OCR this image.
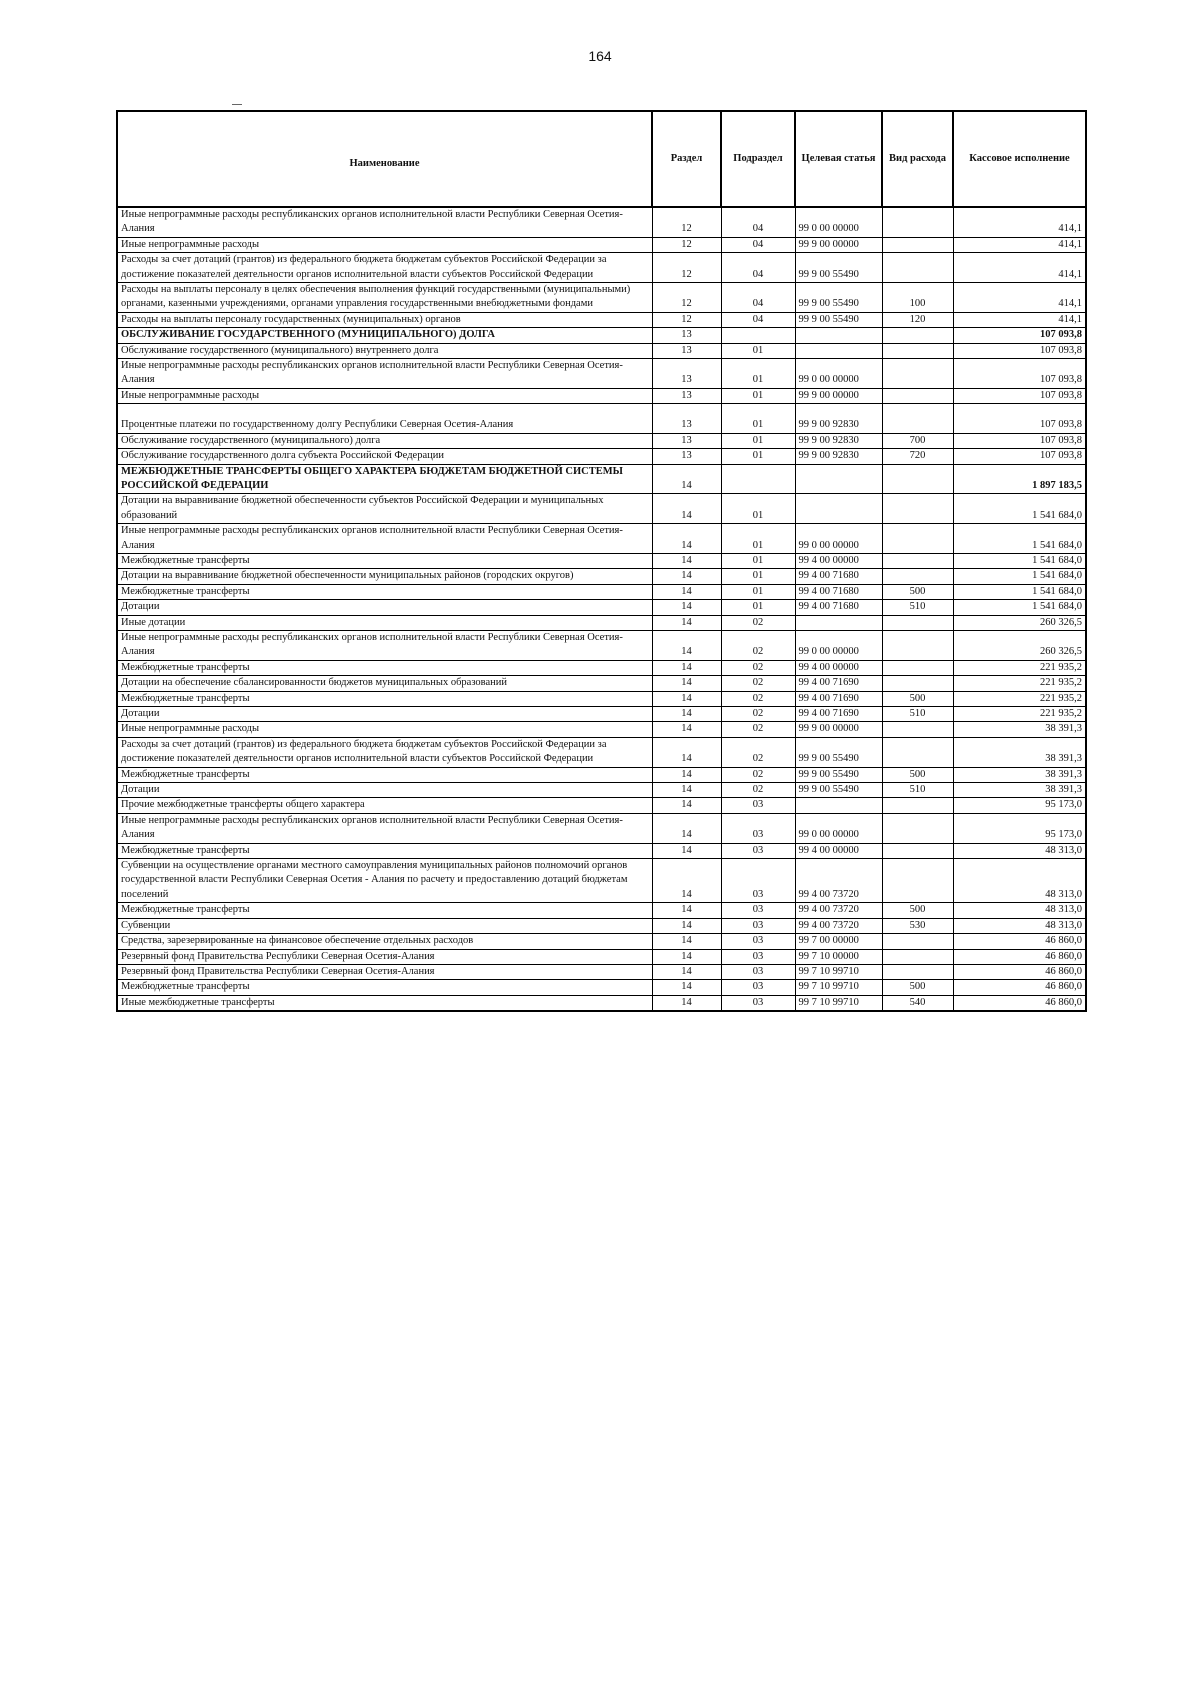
164
Наименование	Раздел	Подраздел	Целевая статья	Вид расхода	Кассовое исполнение
Иные непрограммные расходы республиканских органов исполнительной власти Республики Северная Осетия-Алания	12	04	99 0 00 00000		414,1
Иные непрограммные расходы	12	04	99 9 00 00000		414,1
Расходы за счет дотаций (грантов) из федерального бюджета бюджетам субъектов Российской Федерации за достижение показателей деятельности органов исполнительной власти субъектов Российской Федерации	12	04	99 9 00 55490		414,1
Расходы на выплаты персоналу в целях обеспечения выполнения функций государственными (муниципальными) органами, казенными учреждениями, органами управления государственными внебюджетными фондами	12	04	99 9 00 55490	100	414,1
Расходы на выплаты персоналу государственных (муниципальных) органов	12	04	99 9 00 55490	120	414,1
ОБСЛУЖИВАНИЕ ГОСУДАРСТВЕННОГО (МУНИЦИПАЛЬНОГО) ДОЛГА	13				107 093,8
Обслуживание государственного (муниципального) внутреннего долга	13	01			107 093,8
Иные непрограммные расходы республиканских органов исполнительной власти Республики Северная Осетия-Алания	13	01	99 0 00 00000		107 093,8
Иные непрограммные расходы	13	01	99 9 00 00000		107 093,8
Процентные платежи по государственному долгу Республики Северная Осетия-Алания	13	01	99 9 00 92830		107 093,8
Обслуживание государственного (муниципального) долга	13	01	99 9 00 92830	700	107 093,8
Обслуживание государственного долга субъекта Российской Федерации	13	01	99 9 00 92830	720	107 093,8
МЕЖБЮДЖЕТНЫЕ ТРАНСФЕРТЫ ОБЩЕГО ХАРАКТЕРА БЮДЖЕТАМ БЮДЖЕТНОЙ СИСТЕМЫ РОССИЙСКОЙ ФЕДЕРАЦИИ	14				1 897 183,5
Дотации на выравнивание бюджетной обеспеченности субъектов Российской Федерации и муниципальных образований	14	01			1 541 684,0
Иные непрограммные расходы республиканских органов исполнительной власти Республики Северная Осетия-Алания	14	01	99 0 00 00000		1 541 684,0
Межбюджетные трансферты	14	01	99 4 00 00000		1 541 684,0
Дотации на выравнивание бюджетной обеспеченности муниципальных районов (городских округов)	14	01	99 4 00 71680		1 541 684,0
Межбюджетные трансферты	14	01	99 4 00 71680	500	1 541 684,0
Дотации	14	01	99 4 00 71680	510	1 541 684,0
Иные дотации	14	02			260 326,5
Иные непрограммные расходы республиканских органов исполнительной власти Республики Северная Осетия-Алания	14	02	99 0 00 00000		260 326,5
Межбюджетные трансферты	14	02	99 4 00 00000		221 935,2
Дотации на обеспечение сбалансированности бюджетов муниципальных образований	14	02	99 4 00 71690		221 935,2
Межбюджетные трансферты	14	02	99 4 00 71690	500	221 935,2
Дотации	14	02	99 4 00 71690	510	221 935,2
Иные непрограммные расходы	14	02	99 9 00 00000		38 391,3
Расходы за счет дотаций (грантов) из федерального бюджета бюджетам субъектов Российской Федерации за достижение показателей деятельности органов исполнительной власти субъектов Российской Федерации	14	02	99 9 00 55490		38 391,3
Межбюджетные трансферты	14	02	99 9 00 55490	500	38 391,3
Дотации	14	02	99 9 00 55490	510	38 391,3
Прочие межбюджетные трансферты общего характера	14	03			95 173,0
Иные непрограммные расходы республиканских органов исполнительной власти Республики Северная Осетия-Алания	14	03	99 0 00 00000		95 173,0
Межбюджетные трансферты	14	03	99 4 00 00000		48 313,0
Субвенции на осуществление органами местного самоуправления муниципальных районов полномочий органов государственной власти Республики Северная Осетия - Алания по расчету и предоставлению дотаций бюджетам поселений	14	03	99 4 00 73720		48 313,0
Межбюджетные трансферты	14	03	99 4 00 73720	500	48 313,0
Субвенции	14	03	99 4 00 73720	530	48 313,0
Средства, зарезервированные на финансовое обеспечение отдельных расходов	14	03	99 7 00 00000		46 860,0
Резервный фонд Правительства Республики Северная Осетия-Алания	14	03	99 7 10 00000		46 860,0
Резервный фонд Правительства Республики Северная Осетия-Алания	14	03	99 7 10 99710		46 860,0
Межбюджетные трансферты	14	03	99 7 10 99710	500	46 860,0
Иные межбюджетные трансферты	14	03	99 7 10 99710	540	46 860,0
